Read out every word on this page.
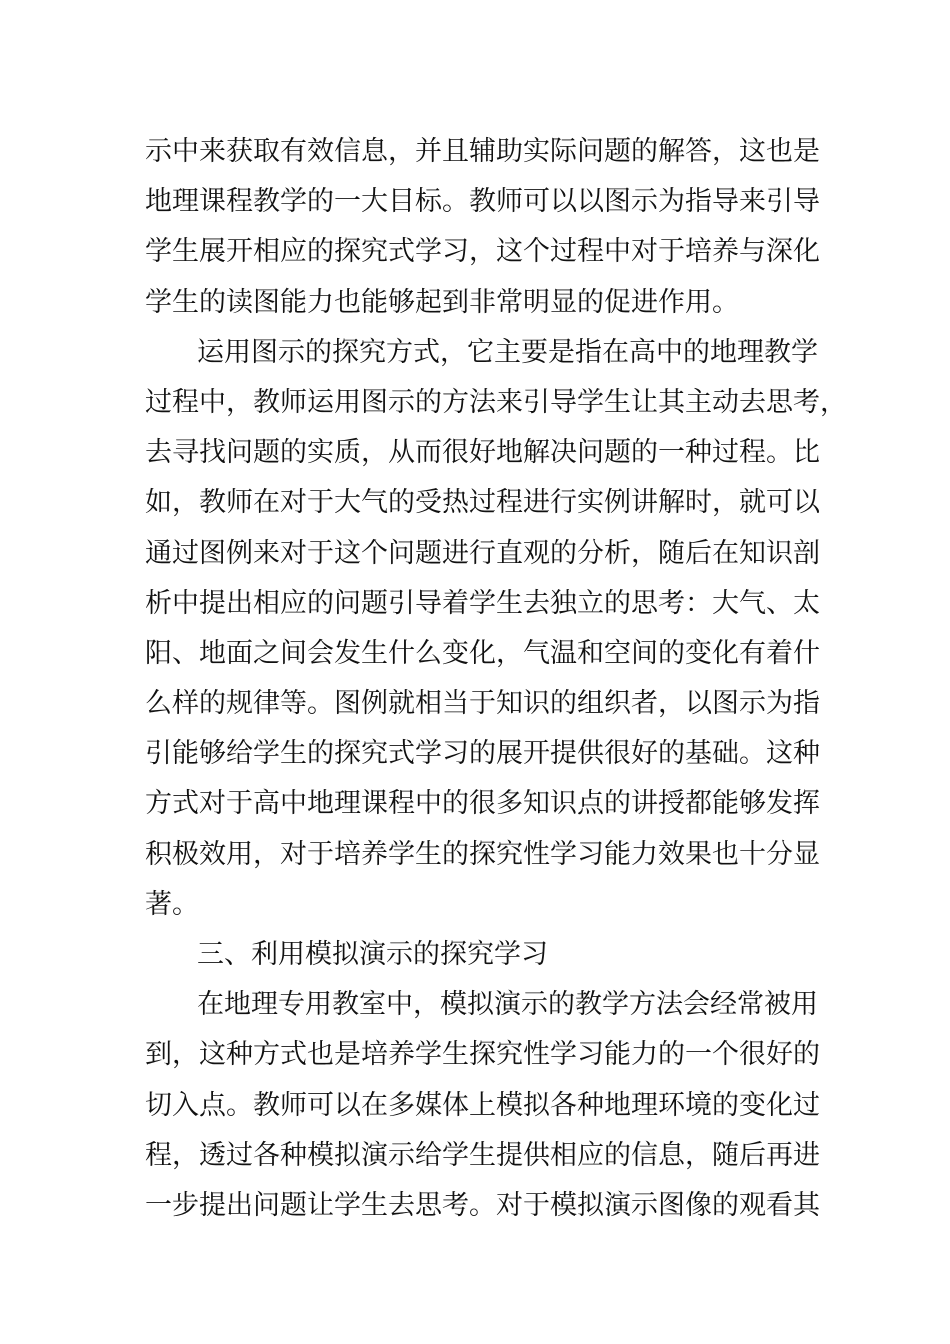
示中来获取有效信息，并且辅助实际问题的解答，这也是
地理课程教学的一大目标。教师可以以图示为指导来引导
学生展开相应的探究式学习，这个过程中对于培养与深化
学生的读图能力也能够起到非常明显的促进作用。
运用图示的探究方式，它主要是指在高中的地理教学
过程中，教师运用图示的方法来引导学生让其主动去思考，
去寻找问题的实质，从而很好地解决问题的一种过程。比
如，教师在对于大气的受热过程进行实例讲解时，就可以
通过图例来对于这个问题进行直观的分析，随后在知识剖
析中提出相应的问题引导着学生去独立的思考：大气、太
阳、地面之间会发生什么变化，气温和空间的变化有着什
么样的规律等。图例就相当于知识的组织者，以图示为指
引能够给学生的探究式学习的展开提供很好的基础。这种
方式对于高中地理课程中的很多知识点的讲授都能够发挥
积极效用，对于培养学生的探究性学习能力效果也十分显
著。
三、利用模拟演示的探究学习
在地理专用教室中，模拟演示的教学方法会经常被用
到，这种方式也是培养学生探究性学习能力的一个很好的
切入点。教师可以在多媒体上模拟各种地理环境的变化过
程，透过各种模拟演示给学生提供相应的信息，随后再进
一步提出问题让学生去思考。对于模拟演示图像的观看其
